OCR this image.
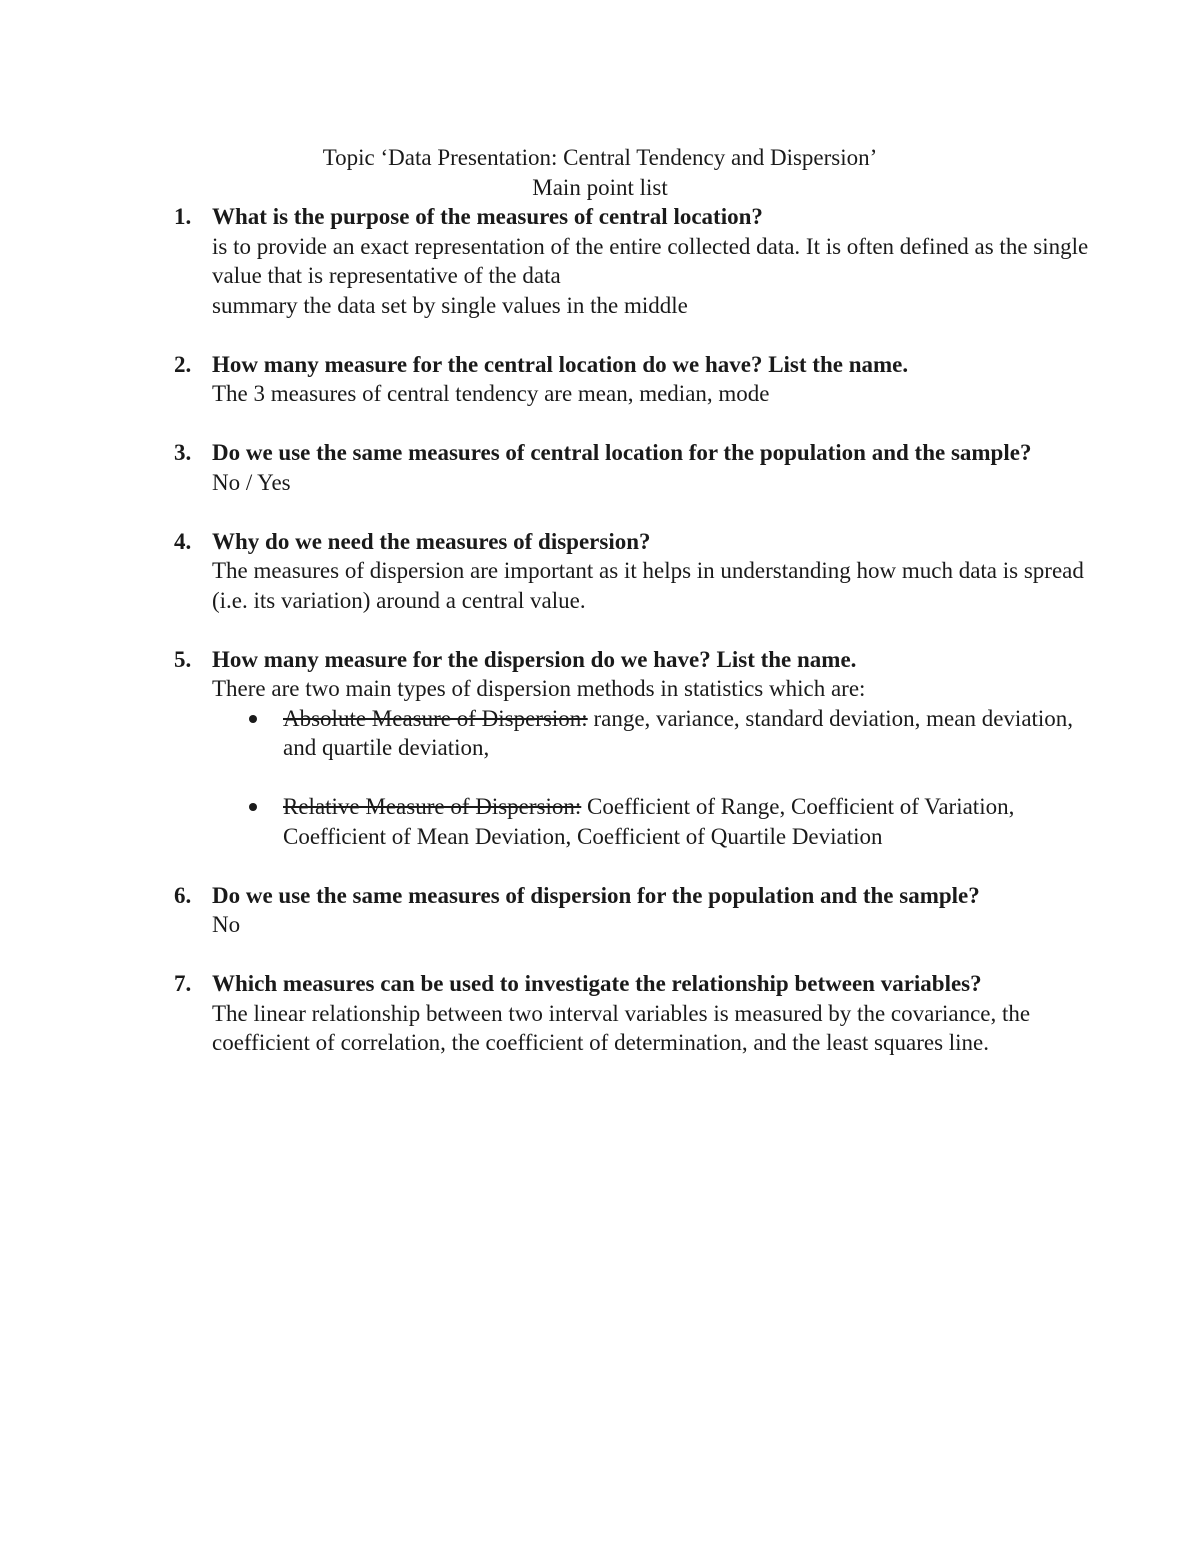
Topic ‘Data Presentation: Central Tendency and Dispersion’
Main point list
1. What is the purpose of the measures of central location?
is to provide an exact representation of the entire collected data. It is often defined as the single value that is representative of the data
summary the data set by single values in the middle
2. How many measure for the central location do we have? List the name.
The 3 measures of central tendency are mean, median, mode
3. Do we use the same measures of central location for the population and the sample?
No / Yes
4. Why do we need the measures of dispersion?
The measures of dispersion are important as it helps in understanding how much data is spread (i.e. its variation) around a central value.
5. How many measure for the dispersion do we have? List the name.
There are two main types of dispersion methods in statistics which are:
Absolute Measure of Dispersion: range, variance, standard deviation, mean deviation, and quartile deviation,
Relative Measure of Dispersion: Coefficient of Range, Coefficient of Variation, Coefficient of Mean Deviation, Coefficient of Quartile Deviation
6. Do we use the same measures of dispersion for the population and the sample?
No
7. Which measures can be used to investigate the relationship between variables?
The linear relationship between two interval variables is measured by the covariance, the coefficient of correlation, the coefficient of determination, and the least squares line.
